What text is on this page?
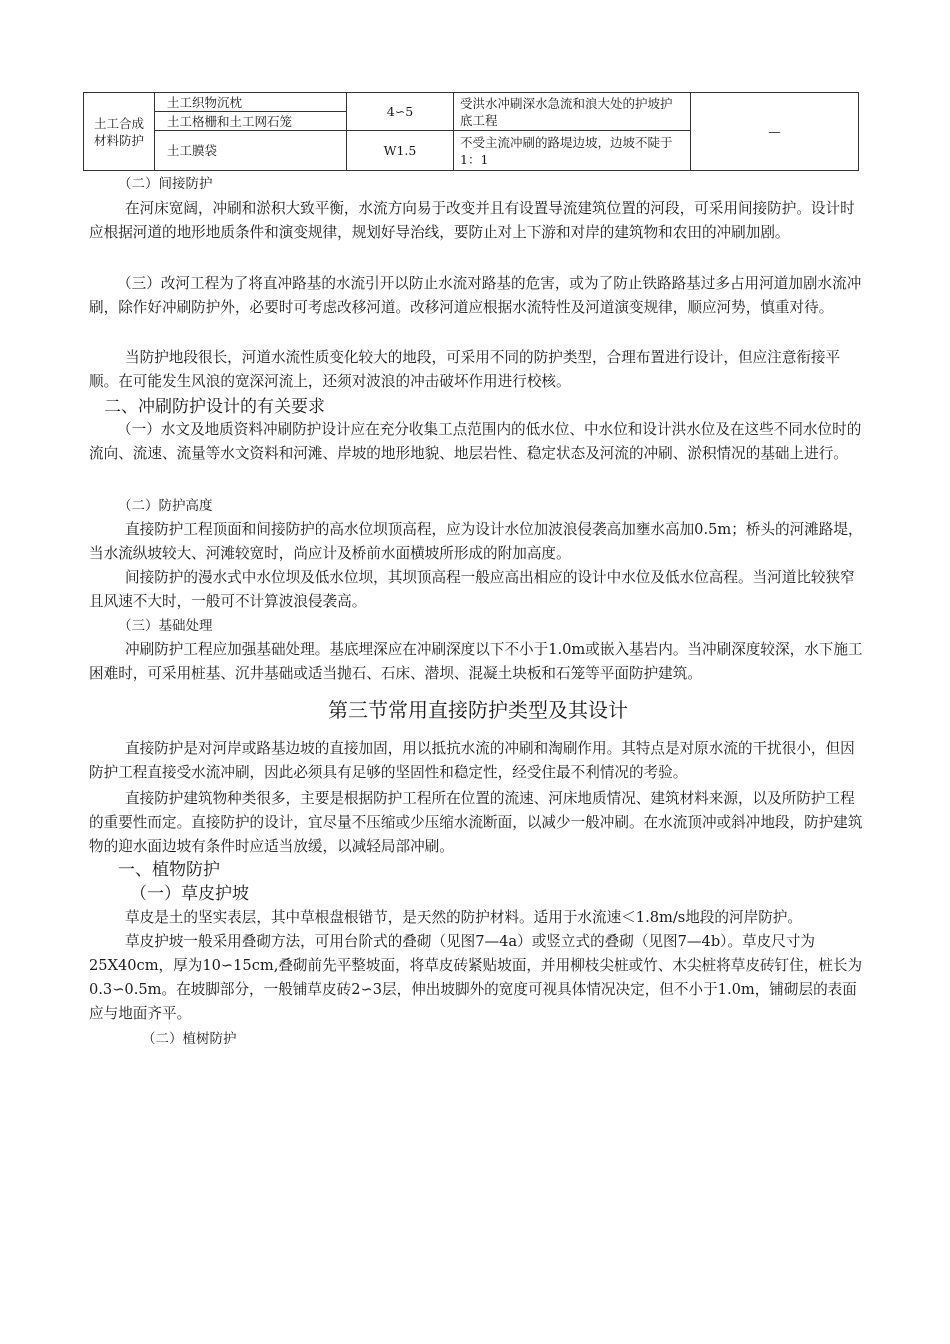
土工合成材料防护	土工织物沉枕	4∽5	受洪水冲刷深水急流和浪大处的护坡护底工程	—
	土工格栅和土工网石笼			
	土工膜袋	W1.5	不受主流冲刷的路堤边坡，边坡不陡于1：1	
（二）间接防护
在河床宽阔，冲刷和淤积大致平衡，水流方向易于改变并且有设置导流建筑位置的河段，可采用间接防护。设计时应根据河道的地形地质条件和演变规律，规划好导治线，要防止对上下游和对岸的建筑物和农田的冲刷加剧。
（三）改河工程为了将直冲路基的水流引开以防止水流对路基的危害，或为了防止铁路路基过多占用河道加剧水流冲刷，除作好冲刷防护外，必要时可考虑改移河道。改移河道应根据水流特性及河道演变规律，顺应河势，慎重对待。
当防护地段很长，河道水流性质变化较大的地段，可采用不同的防护类型，合理布置进行设计，但应注意衔接平顺。在可能发生风浪的宽深河流上，还须对波浪的冲击破坏作用进行校核。
二、冲刷防护设计的有关要求
（一）水文及地质资料冲刷防护设计应在充分收集工点范围内的低水位、中水位和设计洪水位及在这些不同水位时的流向、流速、流量等水文资料和河滩、岸坡的地形地貌、地层岩性、稳定状态及河流的冲刷、淤积情况的基础上进行。
（二）防护高度
直接防护工程顶面和间接防护的高水位坝顶高程，应为设计水位加波浪侵袭高加壅水高加0.5m；桥头的河滩路堤，当水流纵坡较大、河滩较宽时，尚应计及桥前水面横坡所形成的附加高度。
间接防护的漫水式中水位坝及低水位坝，其坝顶高程一般应高出相应的设计中水位及低水位高程。当河道比较狭窄且风速不大时，一般可不计算波浪侵袭高。
（三）基础处理
冲刷防护工程应加强基础处理。基底埋深应在冲刷深度以下不小于1.0m或嵌入基岩内。当冲刷深度较深，水下施工困难时，可采用桩基、沉井基础或适当抛石、石床、潜坝、混凝土块板和石笼等平面防护建筑。
第三节常用直接防护类型及其设计
直接防护是对河岸或路基边坡的直接加固，用以抵抗水流的冲刷和淘刷作用。其特点是对原水流的干扰很小，但因防护工程直接受水流冲刷，因此必须具有足够的坚固性和稳定性，经受住最不利情况的考验。
直接防护建筑物种类很多，主要是根据防护工程所在位置的流速、河床地质情况、建筑材料来源，以及所防护工程的重要性而定。直接防护的设计，宜尽量不压缩或少压缩水流断面，以减少一般冲刷。在水流顶冲或斜冲地段，防护建筑物的迎水面边坡有条件时应适当放缓，以减轻局部冲刷。
一、植物防护
（一）草皮护坡
草皮是土的坚实表层，其中草根盘根错节，是天然的防护材料。适用于水流速＜1.8m/s地段的河岸防护。
草皮护坡一般采用叠砌方法，可用台阶式的叠砌（见图7—4a）或竖立式的叠砌（见图7—4b）。草皮尺寸为25X40cm，厚为10∽15cm,叠砌前先平整坡面，将草皮砖紧贴坡面，并用柳枝尖桩或竹、木尖桩将草皮砖钉住，桩长为0.3∽0.5m。在坡脚部分，一般铺草皮砖2∽3层，伸出坡脚外的宽度可视具体情况决定，但不小于1.0m，铺砌层的表面应与地面齐平。
（二）植树防护
